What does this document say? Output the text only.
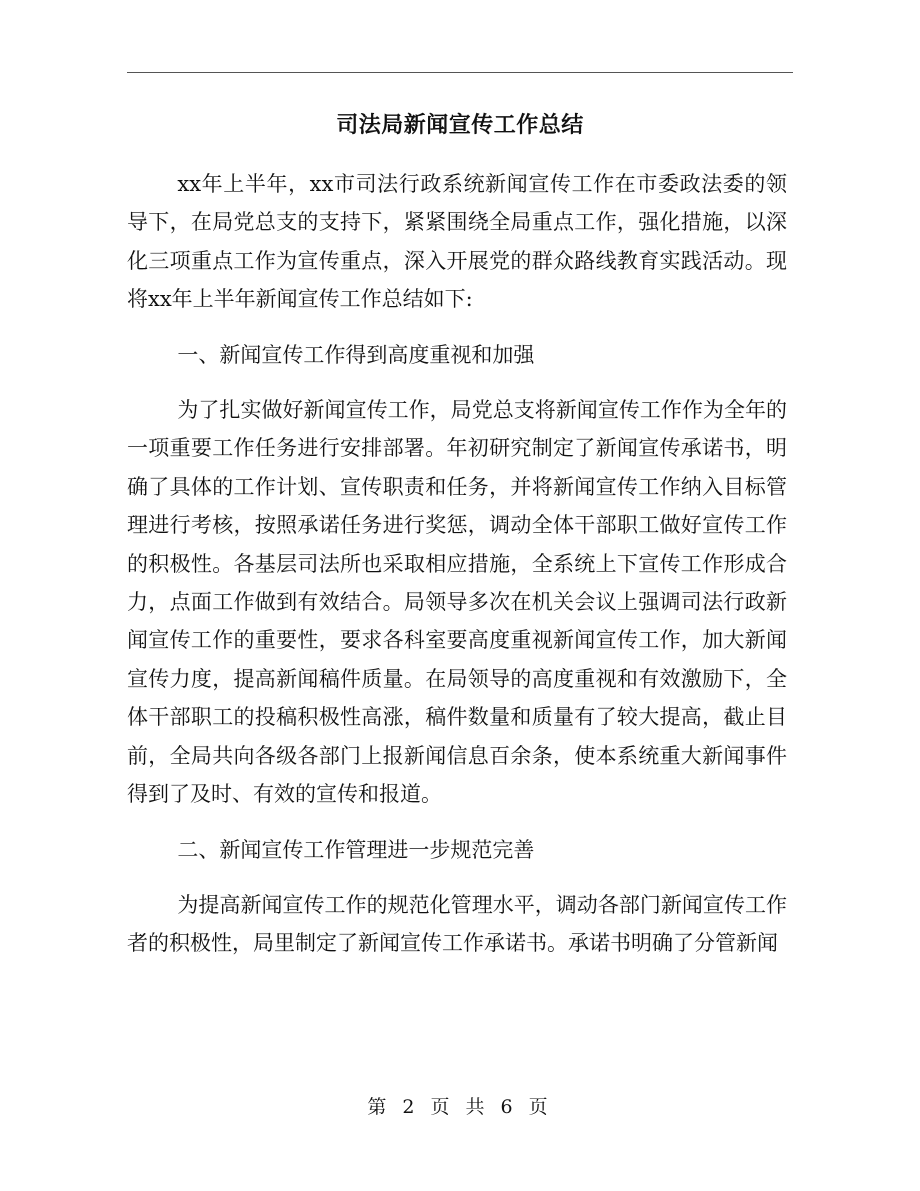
司法局新闻宣传工作总结

xx年上半年，xx市司法行政系统新闻宣传工作在市委政法委的领导下，在局党总支的支持下，紧紧围绕全局重点工作，强化措施，以深化三项重点工作为宣传重点，深入开展党的群众路线教育实践活动。现将xx年上半年新闻宣传工作总结如下:

一、新闻宣传工作得到高度重视和加强

为了扎实做好新闻宣传工作，局党总支将新闻宣传工作作为全年的一项重要工作任务进行安排部署。年初研究制定了新闻宣传承诺书，明确了具体的工作计划、宣传职责和任务，并将新闻宣传工作纳入目标管理进行考核，按照承诺任务进行奖惩，调动全体干部职工做好宣传工作的积极性。各基层司法所也采取相应措施，全系统上下宣传工作形成合力，点面工作做到有效结合。局领导多次在机关会议上强调司法行政新闻宣传工作的重要性，要求各科室要高度重视新闻宣传工作，加大新闻宣传力度，提高新闻稿件质量。在局领导的高度重视和有效激励下，全体干部职工的投稿积极性高涨，稿件数量和质量有了较大提高，截止目前，全局共向各级各部门上报新闻信息百余条，使本系统重大新闻事件得到了及时、有效的宣传和报道。

二、新闻宣传工作管理进一步规范完善

为提高新闻宣传工作的规范化管理水平，调动各部门新闻宣传工作者的积极性，局里制定了新闻宣传工作承诺书。承诺书明确了分管新闻

第 2 页 共 6 页
